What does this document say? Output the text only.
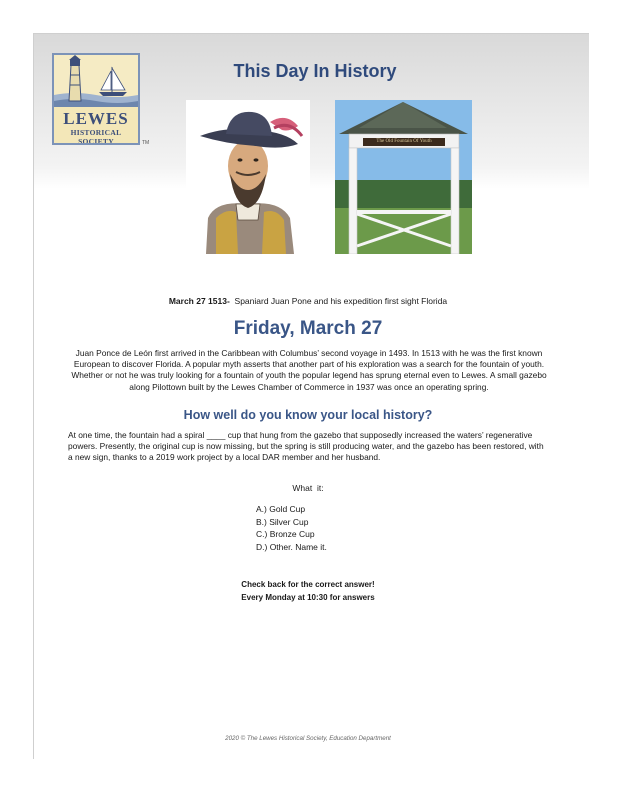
LEWES
HISTORICAL SOCIETY	TM
This Day In History
The Old Fountain Of Youth
March 27 1513-  Spaniard Juan Pone and his expedition first sight Florida
Friday, March 27

Juan Ponce de León first arrived in the Caribbean with Columbus’ second voyage in 1493. In 1513 with he was the first known European to discover Florida. A popular myth asserts that another part of his exploration was a search for the fountain of youth. Whether or not he was truly looking for a fountain of youth the popular legend has sprung eternal even to Lewes. A small gazebo along Pilottown built by the Lewes Chamber of Commerce in 1937 was once an operating spring.

How well do you know your local history?

At one time, the fountain had a spiral ____ cup that hung from the gazebo that supposedly increased the waters’ regenerative powers. Presently, the original cup is now missing, but the spring is still producing water, and the gazebo has been restored, with a new sign, thanks to a 2019 work project by a local DAR member and her husband.

What  it:
A.) Gold Cup
B.) Silver Cup
C.) Bronze Cup
D.) Other. Name it.
Check back for the correct answer!
Every Monday at 10:30 for answers
2020 © The Lewes Historical Society, Education Department
